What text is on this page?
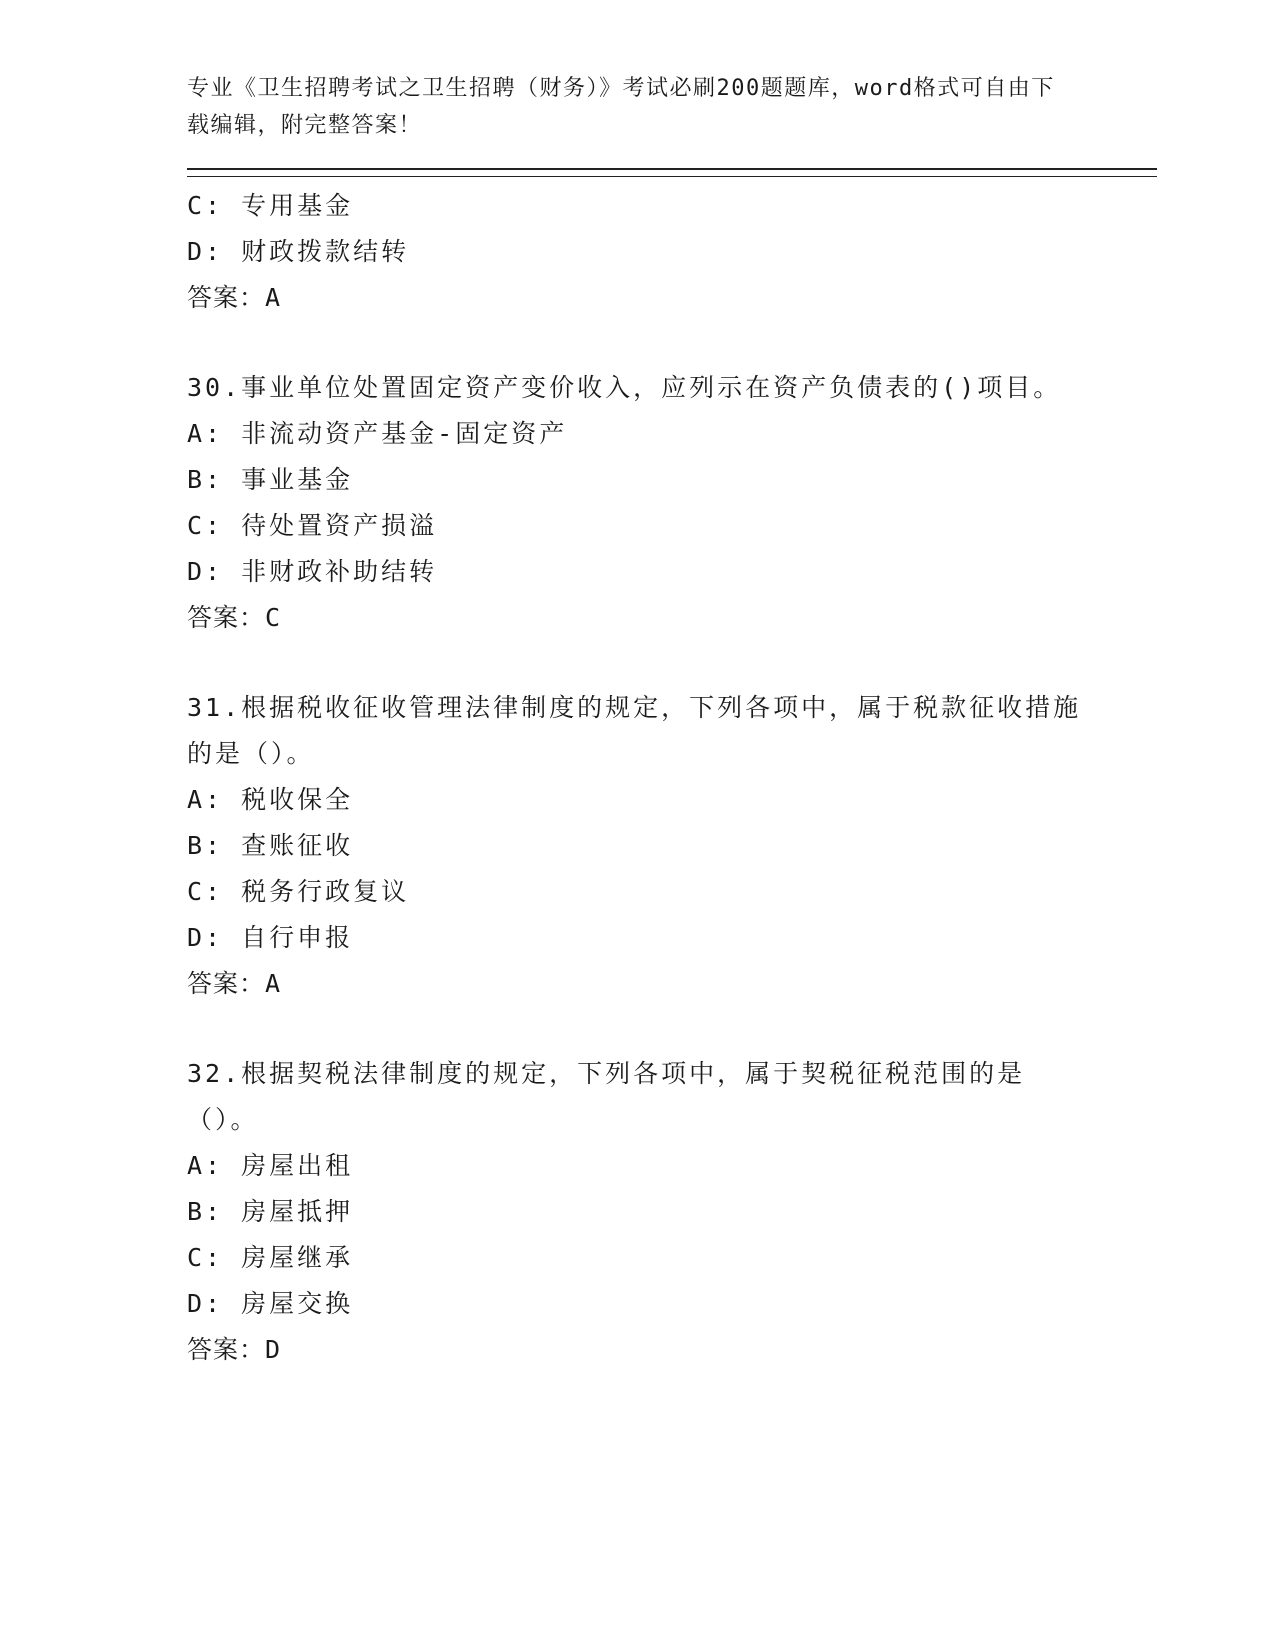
专业《卫生招聘考试之卫生招聘（财务）》考试必刷200题题库，word格式可自由下载编辑，附完整答案！

C: 专用基金
D: 财政拨款结转
答案：A
30.事业单位处置固定资产变价收入，应列示在资产负债表的()项目。
A: 非流动资产基金-固定资产
B: 事业基金
C: 待处置资产损溢
D: 非财政补助结转
答案：C
31.根据税收征收管理法律制度的规定，下列各项中，属于税款征收措施的是（）。
A: 税收保全
B: 查账征收
C: 税务行政复议
D: 自行申报
答案：A
32.根据契税法律制度的规定，下列各项中，属于契税征税范围的是（）。
A: 房屋出租
B: 房屋抵押
C: 房屋继承
D: 房屋交换
答案：D
